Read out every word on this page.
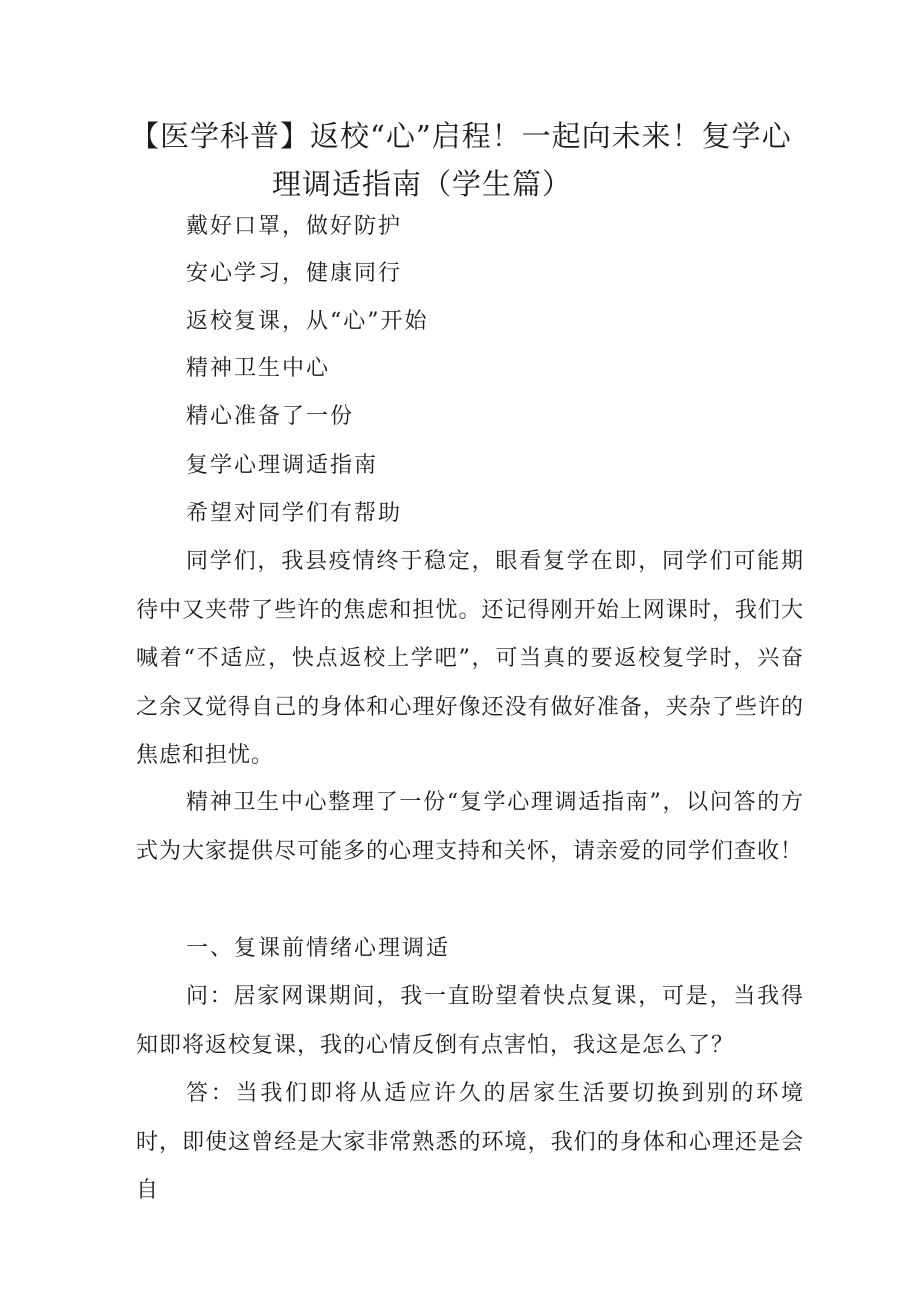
【医学科普】返校“心”启程！一起向未来！复学心
理调适指南（学生篇）

戴好口罩，做好防护

安心学习，健康同行

返校复课，从“心”开始

精神卫生中心

精心准备了一份

复学心理调适指南

希望对同学们有帮助

同学们，我县疫情终于稳定，眼看复学在即，同学们可能期待中又夹带了些许的焦虑和担忧。还记得刚开始上网课时，我们大喊着“不适应，快点返校上学吧”，可当真的要返校复学时，兴奋之余又觉得自己的身体和心理好像还没有做好准备，夹杂了些许的焦虑和担忧。

精神卫生中心整理了一份“复学心理调适指南”，以问答的方式为大家提供尽可能多的心理支持和关怀，请亲爱的同学们查收！

一、复课前情绪心理调适

问：居家网课期间，我一直盼望着快点复课，可是，当我得知即将返校复课，我的心情反倒有点害怕，我这是怎么了？

答：当我们即将从适应许久的居家生活要切换到别的环境时，即使这曾经是大家非常熟悉的环境，我们的身体和心理还是会自
